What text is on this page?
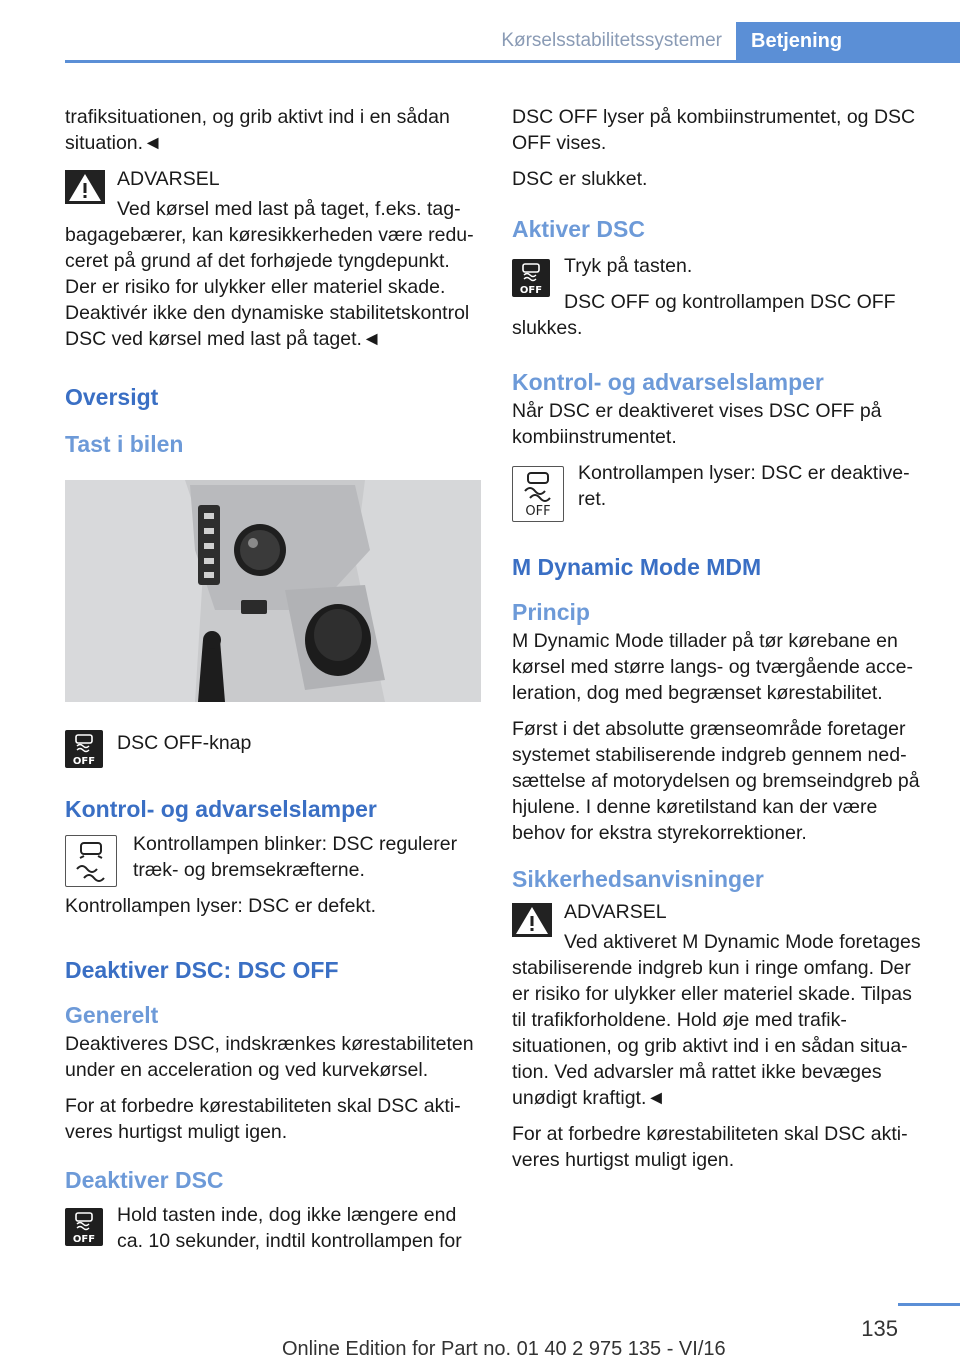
Kørselsstabilitetssystemer	Betjening

trafiksituationen, og grib aktivt ind i en sådan situation.◄

ADVARSEL

Ved kørsel med last på taget, f.eks. tagbagagebærer, kan køresikkerheden være reduceret på grund af det forhøjede tyngdepunkt. Der er risiko for ulykker eller materiel skade. Deaktivér ikke den dynamiske stabilitetskontrol DSC ved kørsel med last på taget.◄

Oversigt
Tast i bilen
OFF

DSC OFF-knap

Kontrol- og advarselslamper

Kontrollampen blinker: DSC regulerer træk- og bremsekræfterne.

Kontrollampen lyser: DSC er defekt.

Deaktiver DSC: DSC OFF
Generelt

Deaktiveres DSC, indskrænkes kørestabiliteten under en acceleration og ved kurvekørsel.

For at forbedre kørestabiliteten skal DSC aktiveres hurtigst muligt igen.

Deaktiver DSC
OFF

Hold tasten inde, dog ikke længere end ca. 10 sekunder, indtil kontrollampen for

DSC OFF lyser på kombiinstrumentet, og DSC OFF vises.

DSC er slukket.

Aktiver DSC
OFF

Tryk på tasten.

DSC OFF og kontrollampen DSC OFF slukkes.

Kontrol- og advarselslamper

Når DSC er deaktiveret vises DSC OFF på kombiinstrumentet.

OFF

Kontrollampen lyser: DSC er deaktiveret.

M Dynamic Mode MDM
Princip

M Dynamic Mode tillader på tør kørebane en kørsel med større langs- og tværgående acceleration, dog med begrænset kørestabilitet.

Først i det absolutte grænseområde foretager systemet stabiliserende indgreb gennem nedsættelse af motorydelsen og bremseindgreb på hjulene. I denne køretilstand kan der være behov for ekstra styrekorrektioner.

Sikkerhedsanvisninger

ADVARSEL

Ved aktiveret M Dynamic Mode foretages stabiliserende indgreb kun i ringe omfang. Der er risiko for ulykker eller materiel skade. Tilpas til trafikforholdene. Hold øje med trafiksituationen, og grib aktivt ind i en sådan situation. Ved advarsler må rattet ikke bevæges unødigt kraftigt.◄

For at forbedre kørestabiliteten skal DSC aktiveres hurtigst muligt igen.

135
Online Edition for Part no. 01 40 2 975 135 - VI/16
